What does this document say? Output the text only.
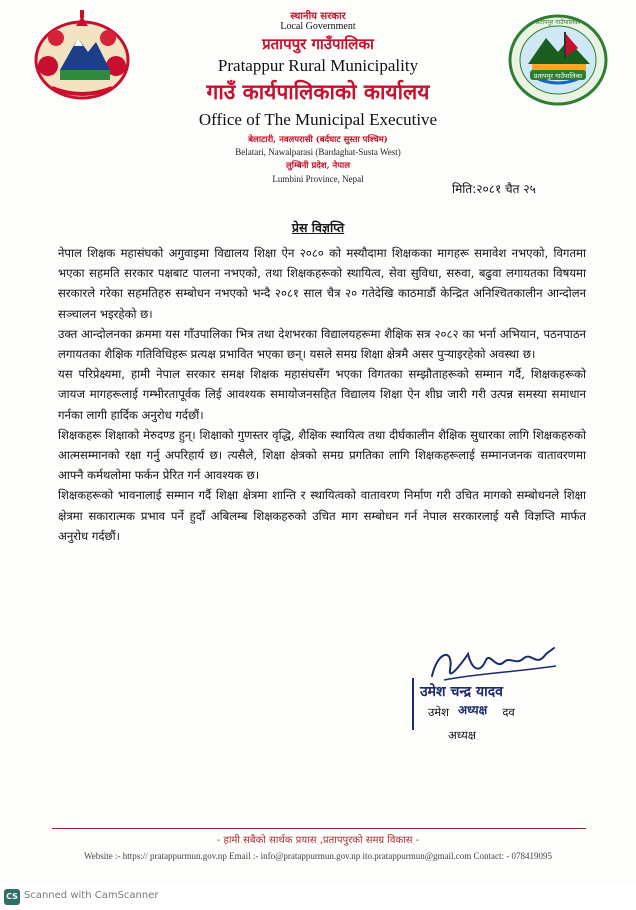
प्रतापपुर गाउँपालिका
प्रतापपुर गाउँपालिका
स्थानीय सरकार
Local Government
प्रतापपुर गाउँपालिका
Pratappur Rural Municipality
गाउँ कार्यपालिकाको कार्यालय
Office of The Municipal Executive
बेलाटारी, नवलपरासी (बर्दघाट सुस्ता पश्चिम)
Belatari, Nawalparasi (Bardaghat-Susta West)
लुम्बिनी प्रदेश, नेपाल
Lumbini Province, Nepal
मिति:२०८१ चैत २५
प्रेस विज्ञप्ति

नेपाल शिक्षक महासंघको अगुवाइमा विद्यालय शिक्षा ऐन २०८० को मस्यौदामा शिक्षकका मागहरू समावेश नभएको, विगतमा भएका सहमति सरकार पक्षबाट पालना नभएको, तथा शिक्षकहरूको स्थायित्व, सेवा सुविधा, सरुवा, बढुवा लगायतका विषयमा सरकारले गरेका सहमतिहरु सम्बोधन नभएको भन्दै २०८१ साल चैत्र २० गतेदेखि काठमाडौं केन्द्रित अनिश्चितकालीन आन्दोलन सञ्चालन भइरहेको छ।

उक्त आन्दोलनका क्रममा यस गाँउपालिका भित्र तथा देशभरका विद्यालयहरूमा शैक्षिक सत्र २०८२ का भर्ना अभियान, पठनपाठन लगायतका शैक्षिक गतिविधिहरू प्रत्यक्ष प्रभावित भएका छन्। यसले समग्र शिक्षा क्षेत्रमै असर पुऱ्याइरहेको अवस्था छ।

यस परिप्रेक्ष्यमा, हामी नेपाल सरकार समक्ष शिक्षक महासंघसँग भएका विगतका सम्झौताहरूको सम्मान गर्दै, शिक्षकहरूको जायज मागहरूलाई गम्भीरतापूर्वक लिई आवश्यक समायोजनसहित विद्यालय शिक्षा ऐन शीघ्र जारी गरी उत्पन्न समस्या समाधान गर्नका लागी हार्दिक अनुरोध गर्दछौं।

शिक्षकहरू शिक्षाको मेरुदण्ड हुन्। शिक्षाको गुणस्तर वृद्धि, शैक्षिक स्थायित्व तथा दीर्घकालीन शैक्षिक सुधारका लागि शिक्षकहरुको आत्मसम्मानको रक्षा गर्नु अपरिहार्य छ। त्यसैले, शिक्षा क्षेत्रको समग्र प्रगतिका लागि शिक्षकहरूलाई सम्मानजनक वातावरणमा आफ्नै कर्मथलोमा फर्कन प्रेरित गर्न आवश्यक छ।

शिक्षकहरूको भावनालाई सम्मान गर्दै शिक्षा क्षेत्रमा शान्ति र स्थायित्वको वातावरण निर्माण गरी उचित मागको सम्बोधनले शिक्षा क्षेत्रमा सकारात्मक प्रभाव पर्ने हुदाँ अबिलम्ब शिक्षकहरुको उचित माग सम्बोधन गर्न नेपाल सरकारलाई यसै विज्ञप्ति मार्फत अनुरोध गर्दछौं।

उमेश चन्द्र यादव
उमेश	दव
अध्यक्ष
अध्यक्ष
- हामी सबैको सार्थक प्रयास ,प्रतापपुरको समग्र विकास -
Website :- https:// pratappurmun.gov.np Email :- info@pratappurmun.gov.np ito.pratappurmun@gmail.com Contact: - 078419095
CS Scanned with CamScanner
